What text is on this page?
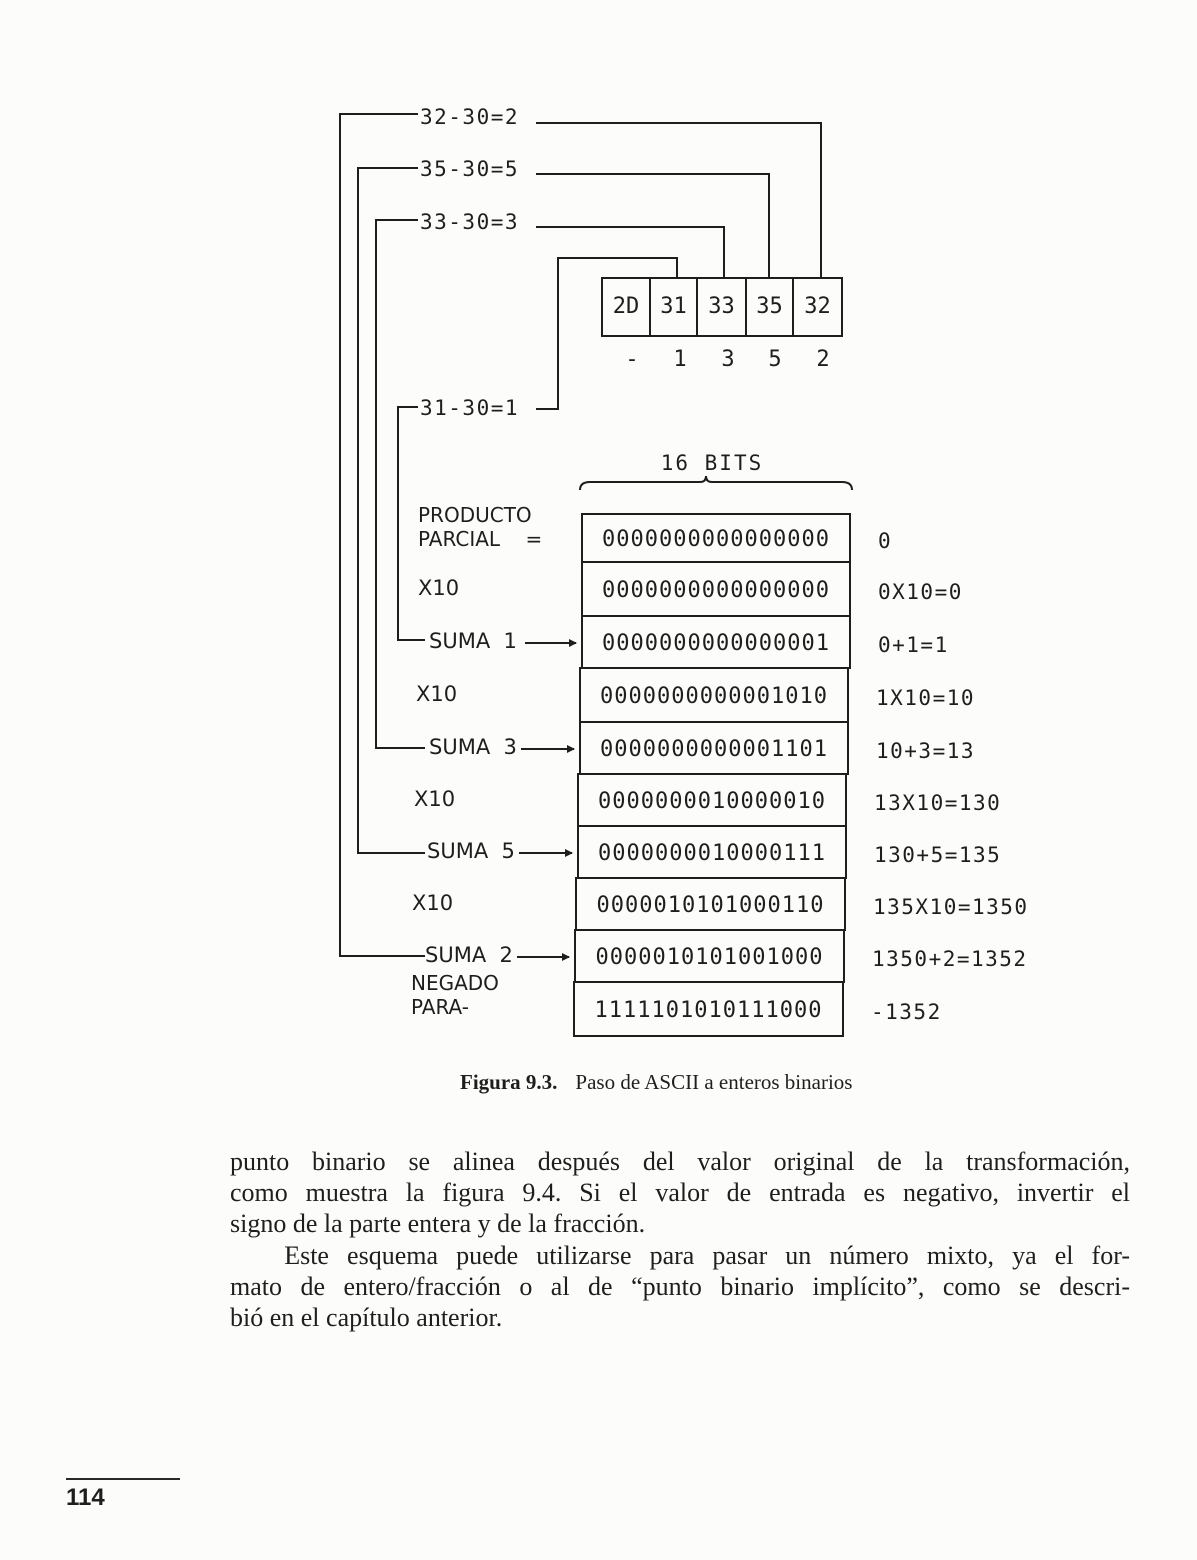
32-30=2
35-30=5
33-30=3
31-30=1
2D 31 33 35 32
- 1 3 5 2
16 BITS
0000000000000000 0
PRODUCTO
PARCIAL    =
0000000000000000 0X10=0
X10
0000000000000001 0+1=1
SUMA  1
0000000000001010 1X10=10
X10
0000000000001101 10+3=13
SUMA  3
0000000010000010 13X10=130
X10
0000000010000111 130+5=135
SUMA  5
0000010101000110 135X10=1350
X10
0000010101001000 1350+2=1352
SUMA  2
1111101010111000 -1352
NEGADO
PARA-
Figura 9.3. Paso de ASCII a enteros binarios

punto binario se alinea después del valor original de la transformación,
como muestra la figura 9.4. Si el valor de entrada es negativo, invertir el
signo de la parte entera y de la fracción.

Este esquema puede utilizarse para pasar un número mixto, ya el for-
mato de entero/fracción o al de “punto binario implícito”, como se descri-
bió en el capítulo anterior.

114
